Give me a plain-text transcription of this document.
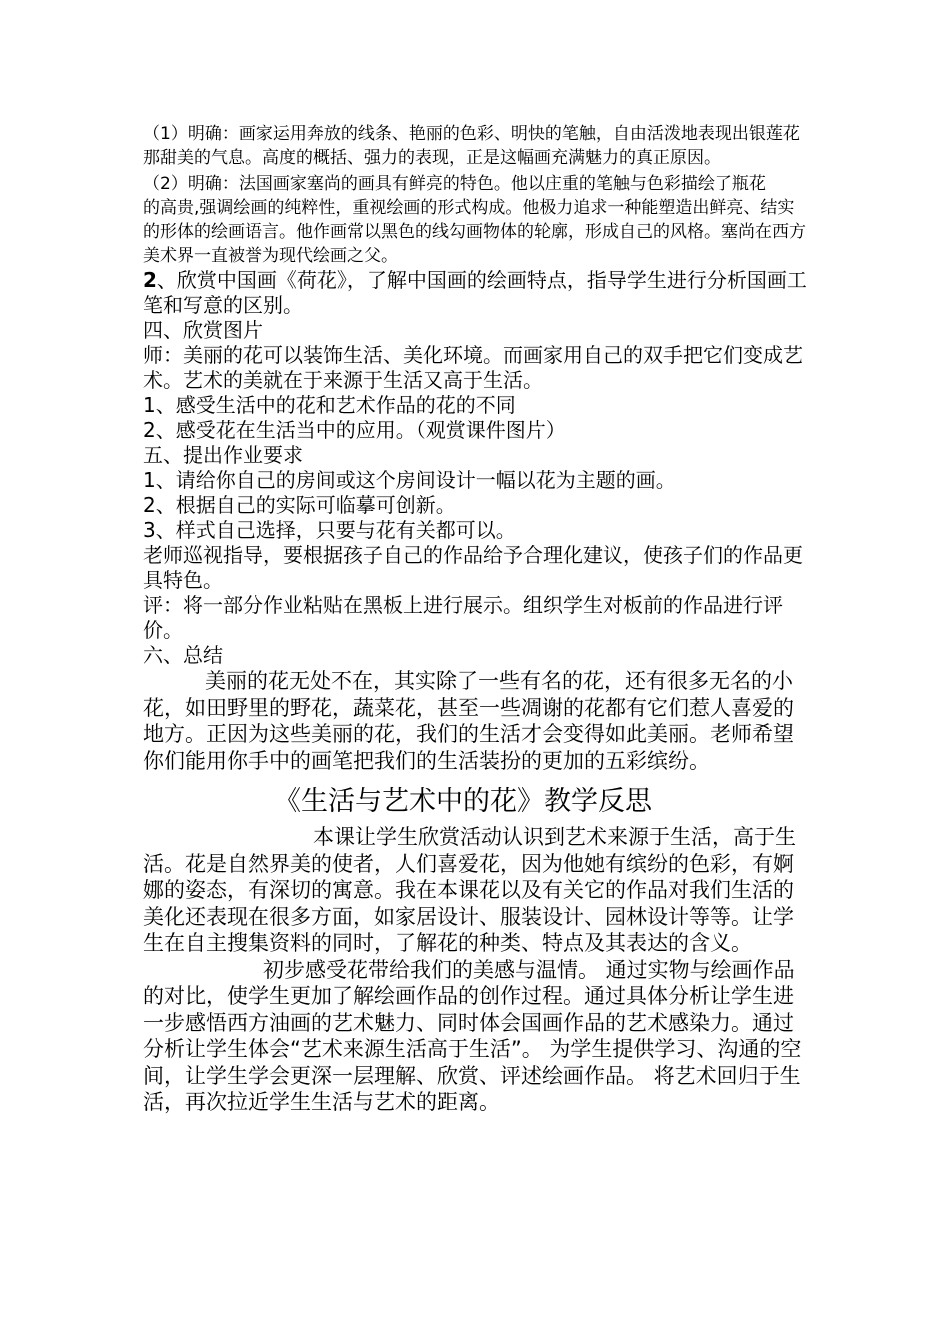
（1）明确：画家运用奔放的线条、艳丽的色彩、明快的笔触，自由活泼地表现出银莲花那甜美的气息。高度的概括、强力的表现，正是这幅画充满魅力的真正原因。

（2）明确：法国画家塞尚的画具有鲜亮的特色。他以庄重的笔触与色彩描绘了瓶花　　的高贵,强调绘画的纯粹性，重视绘画的形式构成。他极力追求一种能塑造出鲜亮、结实的形体的绘画语言。他作画常以黑色的线勾画物体的轮廓，形成自己的风格。塞尚在西方美术界一直被誉为现代绘画之父。

2、欣赏中国画《荷花》，了解中国画的绘画特点，指导学生进行分析国画工笔和写意的区别。

四、欣赏图片

师：美丽的花可以装饰生活、美化环境。而画家用自己的双手把它们变成艺术。艺术的美就在于来源于生活又高于生活。

1、感受生活中的花和艺术作品的花的不同

2、感受花在生活当中的应用。（观赏课件图片）

五、提出作业要求

1、请给你自己的房间或这个房间设计一幅以花为主题的画。

2、根据自己的实际可临摹可创新。

3、样式自己选择，只要与花有关都可以。

老师巡视指导，要根据孩子自己的作品给予合理化建议，使孩子们的作品更具特色。

评：将一部分作业粘贴在黑板上进行展示。组织学生对板前的作品进行评价。

六、总结

美丽的花无处不在，其实除了一些有名的花，还有很多无名的小花，如田野里的野花，蔬菜花，甚至一些凋谢的花都有它们惹人喜爱的地方。正因为这些美丽的花，我们的生活才会变得如此美丽。老师希望你们能用你手中的画笔把我们的生活装扮的更加的五彩缤纷。

《生活与艺术中的花》教学反思

本课让学生欣赏活动认识到艺术来源于生活，高于生活。花是自然界美的使者，人们喜爱花，因为他她有缤纷的色彩，有婀娜的姿态，有深切的寓意。我在本课花以及有关它的作品对我们生活的美化还表现在很多方面，如家居设计、服装设计、园林设计等等。让学生在自主搜集资料的同时，了解花的种类、特点及其表达的含义。

初步感受花带给我们的美感与温情。 通过实物与绘画作品的对比，使学生更加了解绘画作品的创作过程。通过具体分析让学生进一步感悟西方油画的艺术魅力、同时体会国画作品的艺术感染力。通过分析让学生体会“艺术来源生活高于生活”。 为学生提供学习、沟通的空间，让学生学会更深一层理解、欣赏、评述绘画作品。 将艺术回归于生活，再次拉近学生生活与艺术的距离。
